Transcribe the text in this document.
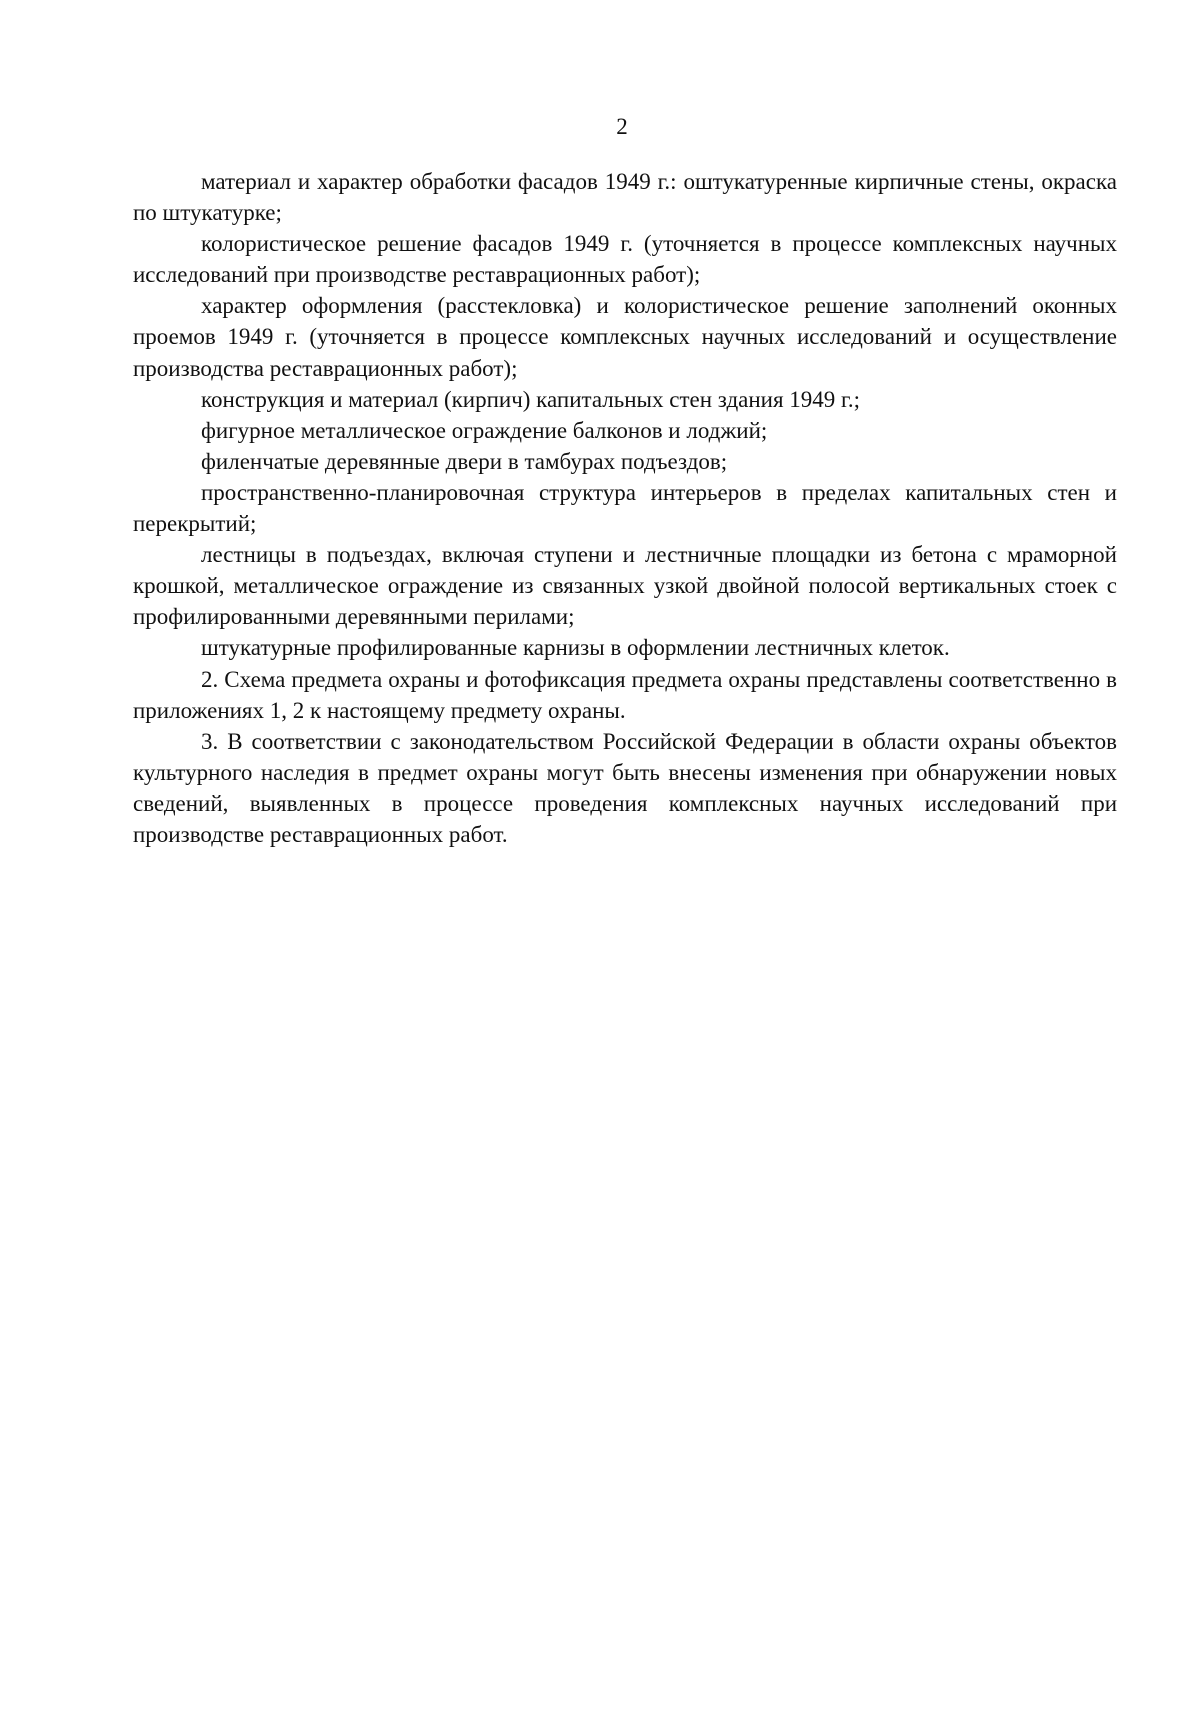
2

материал и характер обработки фасадов 1949 г.: оштукатуренные кирпичные стены, окраска по штукатурке;

колористическое решение фасадов 1949 г. (уточняется в процессе комплексных научных исследований при производстве реставрационных работ);

характер оформления (расстекловка) и колористическое решение заполнений оконных проемов 1949 г. (уточняется в процессе комплексных научных исследований и осуществление производства реставрационных работ);

конструкция и материал (кирпич) капитальных стен здания 1949 г.;

фигурное металлическое ограждение балконов и лоджий;

филенчатые деревянные двери в тамбурах подъездов;

пространственно-планировочная структура интерьеров в пределах капитальных стен и перекрытий;

лестницы в подъездах, включая ступени и лестничные площадки из бетона с мраморной крошкой, металлическое ограждение из связанных узкой двойной полосой вертикальных стоек с профилированными деревянными перилами;

штукатурные профилированные карнизы в оформлении лестничных клеток.

2. Схема предмета охраны и фотофиксация предмета охраны представлены соответственно в приложениях 1, 2 к настоящему предмету охраны.

3. В соответствии с законодательством Российской Федерации в области охраны объектов культурного наследия в предмет охраны могут быть внесены изменения при обнаружении новых сведений, выявленных в процессе проведения комплексных научных исследований при производстве реставрационных работ.
